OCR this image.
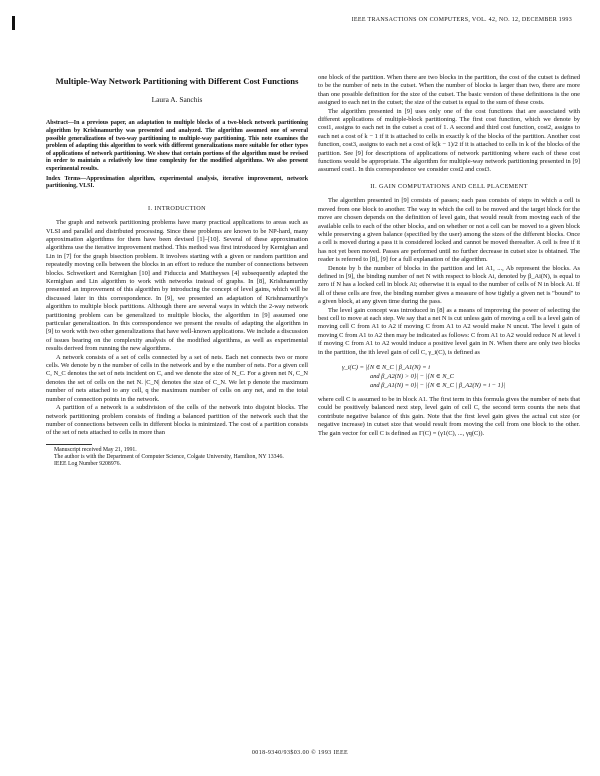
IEEE TRANSACTIONS ON COMPUTERS, VOL. 42, NO. 12, DECEMBER 1993

Multiple-Way Network Partitioning with Different Cost Functions

Laura A. Sanchis

Abstract—In a previous paper, an adaptation to multiple blocks of a two-block network partitioning algorithm by Krishnamurthy was presented and analyzed. The algorithm assumed one of several possible generalizations of two-way partitioning to multiple-way partitioning. This note examines the problem of adapting this algorithm to work with different generalizations more suitable for other types of applications of network partitioning. We show that certain portions of the algorithm must be revised in order to maintain a relatively low time complexity for the modified algorithms. We also present experimental results.

Index Terms—Approximation algorithm, experimental analysis, iterative improvement, network partitioning, VLSI.

I. INTRODUCTION

The graph and network partitioning problems have many practical applications to areas such as VLSI and parallel and distributed processing. Since these problems are known to be NP-hard, many approximation algorithms for them have been devised [1]–[10]. Several of these approximation algorithms use the iterative improvement method. This method was first introduced by Kernighan and Lin in [7] for the graph bisection problem. It involves starting with a given or random partition and repeatedly moving cells between the blocks in an effort to reduce the number of connections between blocks. Schweikert and Kernighan [10] and Fiduccia and Mattheyses [4] subsequently adapted the Kernighan and Lin algorithm to work with networks instead of graphs. In [8], Krishnamurthy presented an improvement of this algorithm by introducing the concept of level gains, which will be discussed later in this correspondence. In [9], we presented an adaptation of Krishnamurthy's algorithm to multiple block partitions. Although there are several ways in which the 2-way network partitioning problem can be generalized to multiple blocks, the algorithm in [9] assumed one particular generalization. In this correspondence we present the results of adapting the algorithm in [9] to work with two other generalizations that have well-known applications. We include a discussion of issues bearing on the complexity analysis of the modified algorithms, as well as experimental results derived from running the new algorithms.

A network consists of a set of cells connected by a set of nets. Each net connects two or more cells. We denote by n the number of cells in the network and by e the number of nets. For a given cell C, N_C denotes the set of nets incident on C, and we denote the size of N_C. For a given net N, C_N denotes the set of cells on the net N. |C_N| denotes the size of C_N. We let p denote the maximum number of nets attached to any cell, q the maximum number of cells on any net, and m the total number of connection points in the network.

A partition of a network is a subdivision of the cells of the network into disjoint blocks. The network partitioning problem consists of finding a balanced partition of the network such that the number of connections between cells in different blocks is minimized. The cost of a partition consists of the set of nets attached to cells in more than

Manuscript received May 21, 1991.

The author is with the Department of Computer Science, Colgate University, Hamilton, NY 13346.

IEEE Log Number 9208976.

one block of the partition. When there are two blocks in the partition, the cost of the cutset is defined to be the number of nets in the cutset. When the number of blocks is larger than two, there are more than one possible definition for the size of the cutset. The basic version of these definitions is the one assigned to each net in the cutset; the size of the cutset is equal to the sum of these costs.

The algorithm presented in [9] uses only one of the cost functions that are associated with different applications of multiple-block partitioning. The first cost function, which we denote by cost1, assigns to each net in the cutset a cost of 1. A second and third cost function, cost2, assigns to each net a cost of k − 1 if it is attached to cells in exactly k of the blocks of the partition. Another cost function, cost3, assigns to each net a cost of k(k − 1)/2 if it is attached to cells in k of the blocks of the partition. See [9] for descriptions of applications of network partitioning where each of these cost functions would be appropriate. The algorithm for multiple-way network partitioning presented in [9] assumed cost1. In this correspondence we consider cost2 and cost3.

II. GAIN COMPUTATIONS AND CELL PLACEMENT

The algorithm presented in [9] consists of passes; each pass consists of steps in which a cell is moved from one block to another. The way in which the cell to be moved and the target block for the move are chosen depends on the definition of level gain, that would result from moving each of the available cells to each of the other blocks, and on whether or not a cell can be moved to a given block while preserving a given balance (specified by the user) among the sizes of the different blocks. Once a cell is moved during a pass it is considered locked and cannot be moved thereafter. A cell is free if it has not yet been moved. Passes are performed until no further decrease in cutset size is obtained. The reader is referred to [8], [9] for a full explanation of the algorithm.

Denote by b the number of blocks in the partition and let A1, ..., Ab represent the blocks. As defined in [9], the binding number of net N with respect to block Ai, denoted by β_Ai(N), is equal to zero if N has a locked cell in block Ai; otherwise it is equal to the number of cells of N in block Ai. If all of these cells are free, the binding number gives a measure of how tightly a given net is "bound" to a given block, at any given time during the pass.

The level gain concept was introduced in [8] as a means of improving the power of selecting the best cell to move at each step. We say that a net N is cut unless gain of moving a cell is a level gain of moving cell C from A1 to A2 if moving C from A1 to A2 would make N uncut. The level i gain of moving C from A1 to A2 then may be indicated as follows: C from A1 to A2 would reduce N at level i if moving C from A1 to A2 would induce a positive level gain in N. When there are only two blocks in the partition, the ith level gain of cell C, γ_i(C), is defined as

γ_i(C) = |{N ∈ N_C | β_A1(N) = i
and β_A2(N) > 0}| − |{N ∈ N_C
and β_A1(N) = 0}| − |{N ∈ N_C | β_A2(N) = i − 1}|

where cell C is assumed to be in block A1. The first term in this formula gives the number of nets that could be positively balanced next step, level gain of cell C, the second term counts the nets that contribute negative balance of this gain. Note that the first level gain gives the actual cut size (or negative increase) in cutset size that would result from moving the cell from one block to the other. The gain vector for cell C is defined as Γ(C) = (γ1(C), ..., γq(C)).

0018-9340/93$03.00 © 1993 IEEE
